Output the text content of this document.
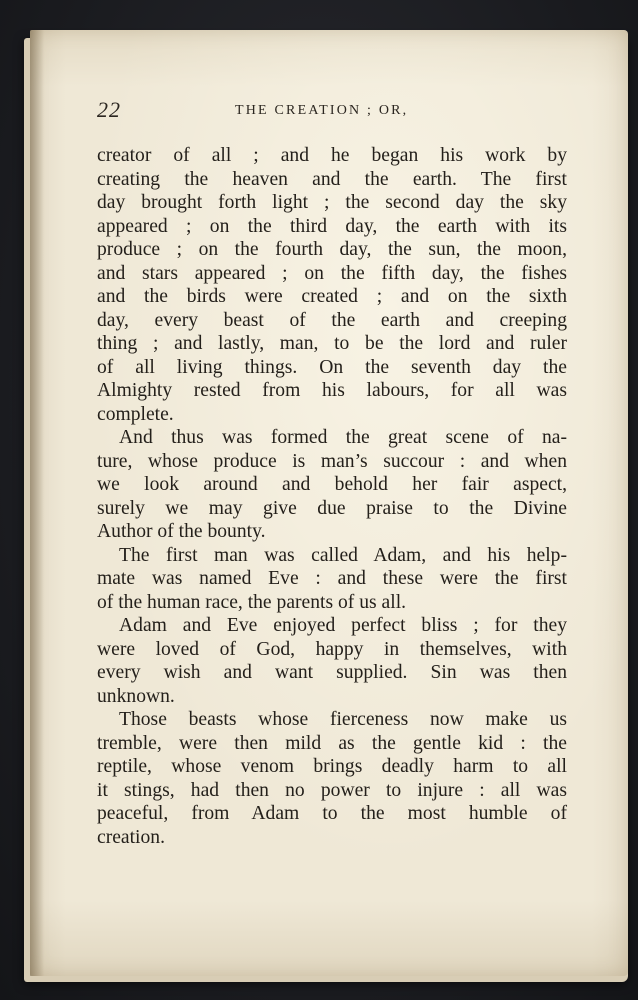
22	THE CREATION ; OR,
creator of all ; and he began his work by
creating the heaven and the earth. The first
day brought forth light ; the second day the sky
appeared ; on the third day, the earth with its
produce ; on the fourth day, the sun, the moon,
and stars appeared ; on the fifth day, the fishes
and the birds were created ; and on the sixth
day, every beast of the earth and creeping
thing ; and lastly, man, to be the lord and ruler
of all living things. On the seventh day the
Almighty rested from his labours, for all was
complete.
And thus was formed the great scene of na-
ture, whose produce is man’s succour : and when
we look around and behold her fair aspect,
surely we may give due praise to the Divine
Author of the bounty.
The first man was called Adam, and his help-
mate was named Eve : and these were the first
of the human race, the parents of us all.
Adam and Eve enjoyed perfect bliss ; for they
were loved of God, happy in themselves, with
every wish and want supplied. Sin was then
unknown.
Those beasts whose fierceness now make us
tremble, were then mild as the gentle kid : the
reptile, whose venom brings deadly harm to all
it stings, had then no power to injure : all was
peaceful, from Adam to the most humble of
creation.
